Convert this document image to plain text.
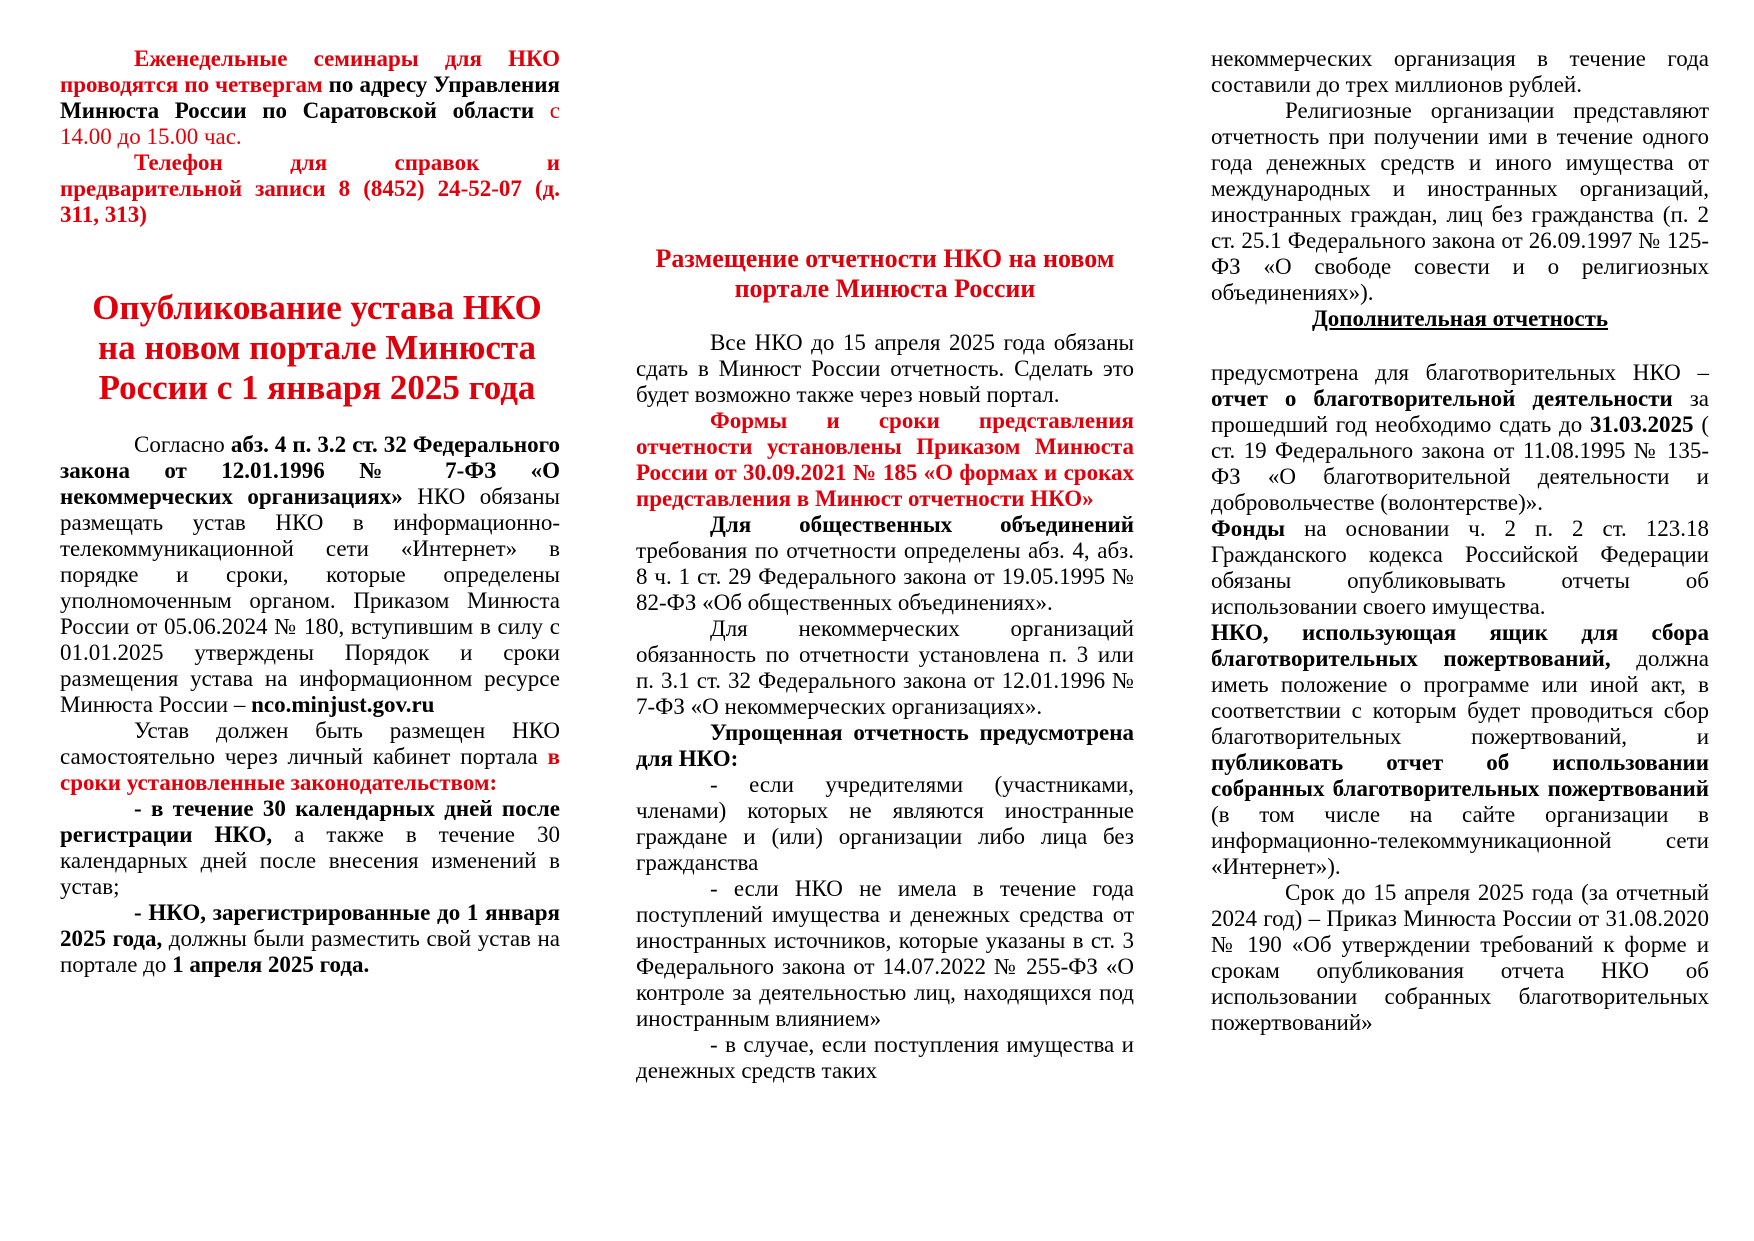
Еженедельные семинары для НКО проводятся по четвергам по адресу Управления Минюста России по Саратовской области с 14.00 до 15.00 час.

Телефон для справок и предварительной записи 8 (8452) 24-52-07 (д. 311, 313)

Опубликование устава НКО на новом портале Минюста России с 1 января 2025 года

Согласно абз. 4 п. 3.2 ст. 32 Федерального закона от 12.01.1996 № 7-ФЗ «О некоммерческих организациях» НКО обязаны размещать устав НКО в информационно-телекоммуникационной сети «Интернет» в порядке и сроки, которые определены уполномоченным органом. Приказом Минюста России от 05.06.2024 № 180, вступившим в силу с 01.01.2025 утверждены Порядок и сроки размещения устава на информационном ресурсе Минюста России – nco.minjust.gov.ru

Устав должен быть размещен НКО самостоятельно через личный кабинет портала в сроки установленные законодательством:

- в течение 30 календарных дней после регистрации НКО, а также в течение 30 календарных дней после внесения изменений в устав;

- НКО, зарегистрированные до 1 января 2025 года, должны были разместить свой устав на портале до 1 апреля 2025 года.

Размещение отчетности НКО на новом портале Минюста России

Все НКО до 15 апреля 2025 года обязаны сдать в Минюст России отчетность. Сделать это будет возможно также через новый портал.

Формы и сроки представления отчетности установлены Приказом Минюста России от 30.09.2021 № 185 «О формах и сроках представления в Минюст отчетности НКО»

Для общественных объединений требования по отчетности определены абз. 4, абз. 8 ч. 1 ст. 29 Федерального закона от 19.05.1995 № 82-ФЗ «Об общественных объединениях».

Для некоммерческих организаций обязанность по отчетности установлена п. 3 или п. 3.1 ст. 32 Федерального закона от 12.01.1996 № 7-ФЗ «О некоммерческих организациях».

Упрощенная отчетность предусмотрена для НКО:

- если учредителями (участниками, членами) которых не являются иностранные граждане и (или) организации либо лица без гражданства

- если НКО не имела в течение года поступлений имущества и денежных средства от иностранных источников, которые указаны в ст. 3 Федерального закона от 14.07.2022 № 255-ФЗ «О контроле за деятельностью лиц, находящихся под иностранным влиянием»

- в случае, если поступления имущества и денежных средств таких

некоммерческих организация в течение года составили до трех миллионов рублей.

Религиозные организации представляют отчетность при получении ими в течение одного года денежных средств и иного имущества от международных и иностранных организаций, иностранных граждан, лиц без гражданства (п. 2 ст. 25.1 Федерального закона от 26.09.1997 № 125-ФЗ «О свободе совести и о религиозных объединениях»).

Дополнительная отчетность

предусмотрена для благотворительных НКО – отчет о благотворительной деятельности за прошедший год необходимо сдать до 31.03.2025 ( ст. 19 Федерального закона от 11.08.1995 № 135-ФЗ «О благотворительной деятельности и добровольчестве (волонтерстве)».

Фонды на основании ч. 2 п. 2 ст. 123.18 Гражданского кодекса Российской Федерации обязаны опубликовывать отчеты об использовании своего имущества.

НКО, использующая ящик для сбора благотворительных пожертвований, должна иметь положение о программе или иной акт, в соответствии с которым будет проводиться сбор благотворительных пожертвований, и публиковать отчет об использовании собранных благотворительных пожертвований (в том числе на сайте организации в информационно-телекоммуникационной сети «Интернет»).

Срок до 15 апреля 2025 года (за отчетный 2024 год) – Приказ Минюста России от 31.08.2020 № 190 «Об утверждении требований к форме и срокам опубликования отчета НКО об использовании собранных благотворительных пожертвований»
